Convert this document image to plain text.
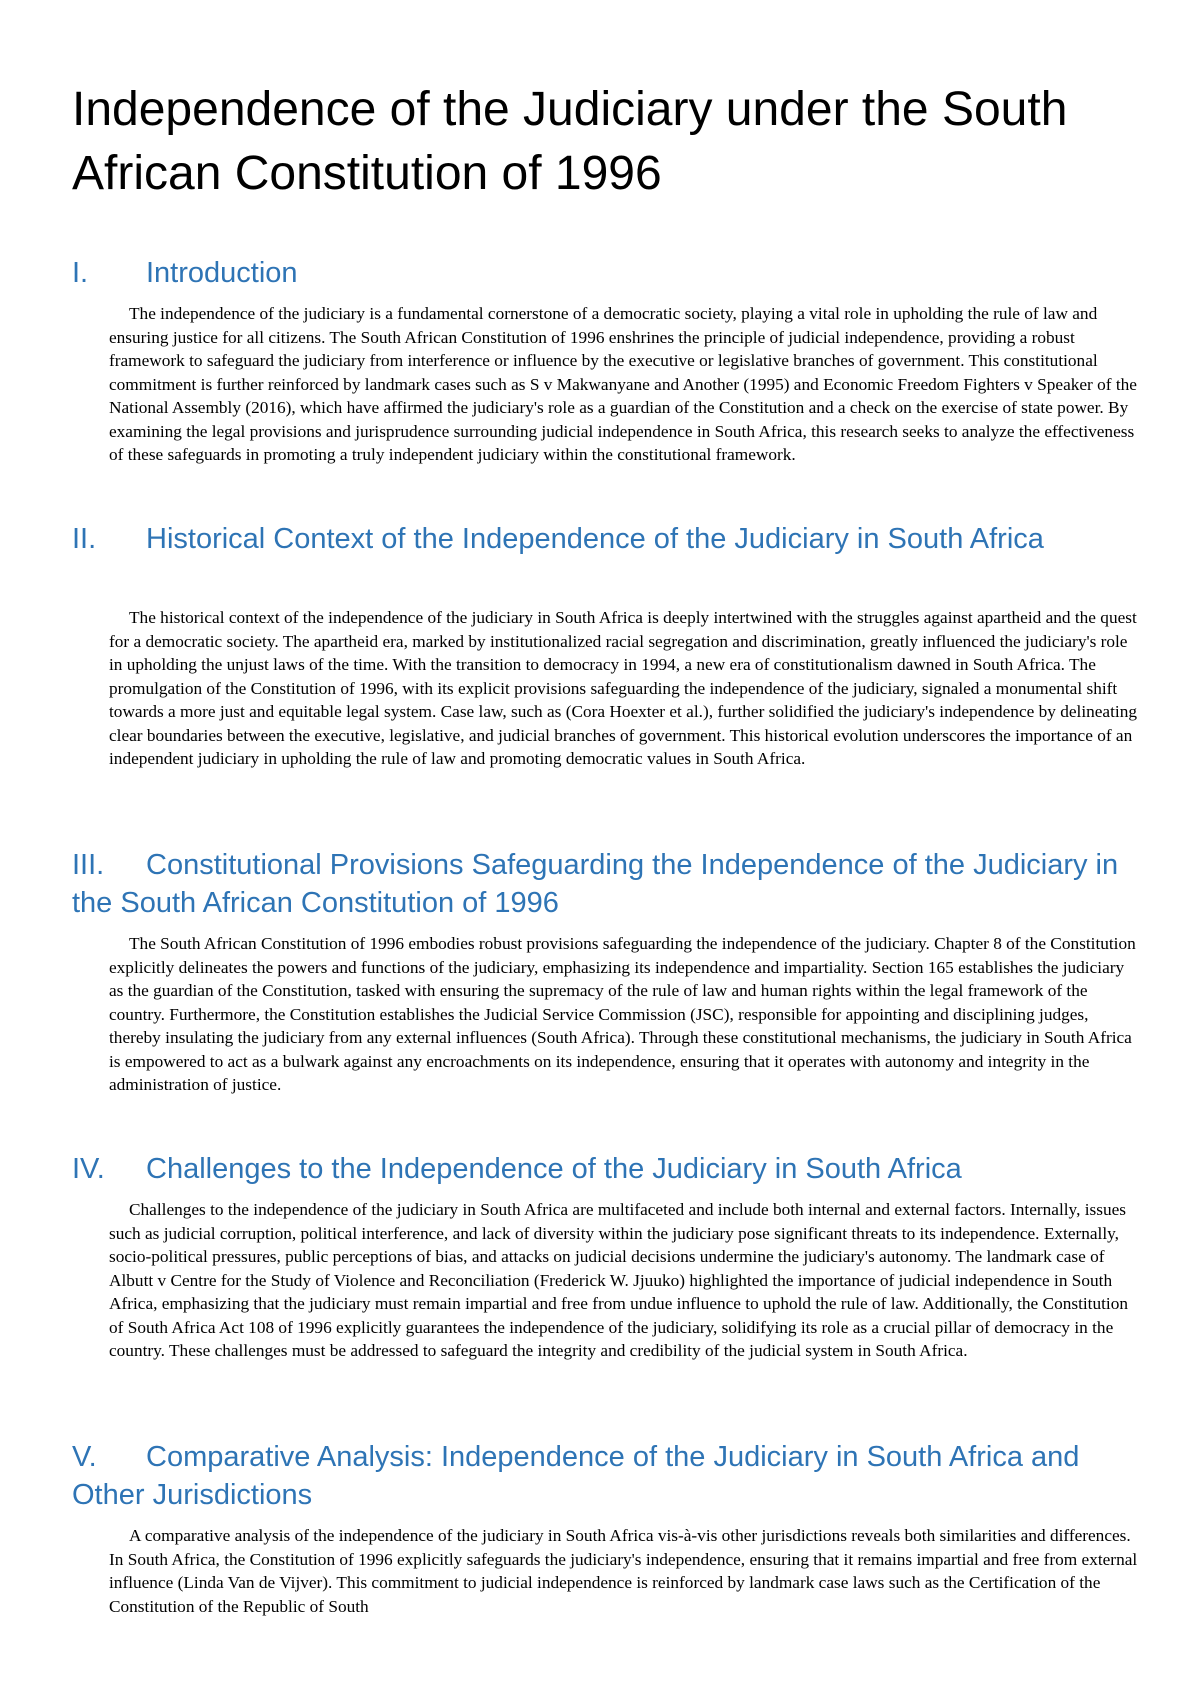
Independence of the Judiciary under the South African Constitution of 1996
I. Introduction

The independence of the judiciary is a fundamental cornerstone of a democratic society, playing a vital role in upholding the rule of law and ensuring justice for all citizens. The South African Constitution of 1996 enshrines the principle of judicial independence, providing a robust framework to safeguard the judiciary from interference or influence by the executive or legislative branches of government. This constitutional commitment is further reinforced by landmark cases such as S v Makwanyane and Another (1995) and Economic Freedom Fighters v Speaker of the National Assembly (2016), which have affirmed the judiciary's role as a guardian of the Constitution and a check on the exercise of state power. By examining the legal provisions and jurisprudence surrounding judicial independence in South Africa, this research seeks to analyze the effectiveness of these safeguards in promoting a truly independent judiciary within the constitutional framework.

II. Historical Context of the Independence of the Judiciary in South Africa

The historical context of the independence of the judiciary in South Africa is deeply intertwined with the struggles against apartheid and the quest for a democratic society. The apartheid era, marked by institutionalized racial segregation and discrimination, greatly influenced the judiciary's role in upholding the unjust laws of the time. With the transition to democracy in 1994, a new era of constitutionalism dawned in South Africa. The promulgation of the Constitution of 1996, with its explicit provisions safeguarding the independence of the judiciary, signaled a monumental shift towards a more just and equitable legal system. Case law, such as (Cora Hoexter et al.), further solidified the judiciary's independence by delineating clear boundaries between the executive, legislative, and judicial branches of government. This historical evolution underscores the importance of an independent judiciary in upholding the rule of law and promoting democratic values in South Africa.

III. Constitutional Provisions Safeguarding the Independence of the Judiciary in the South African Constitution of 1996

The South African Constitution of 1996 embodies robust provisions safeguarding the independence of the judiciary. Chapter 8 of the Constitution explicitly delineates the powers and functions of the judiciary, emphasizing its independence and impartiality. Section 165 establishes the judiciary as the guardian of the Constitution, tasked with ensuring the supremacy of the rule of law and human rights within the legal framework of the country. Furthermore, the Constitution establishes the Judicial Service Commission (JSC), responsible for appointing and disciplining judges, thereby insulating the judiciary from any external influences (South Africa). Through these constitutional mechanisms, the judiciary in South Africa is empowered to act as a bulwark against any encroachments on its independence, ensuring that it operates with autonomy and integrity in the administration of justice.

IV. Challenges to the Independence of the Judiciary in South Africa

Challenges to the independence of the judiciary in South Africa are multifaceted and include both internal and external factors. Internally, issues such as judicial corruption, political interference, and lack of diversity within the judiciary pose significant threats to its independence. Externally, socio-political pressures, public perceptions of bias, and attacks on judicial decisions undermine the judiciary's autonomy. The landmark case of Albutt v Centre for the Study of Violence and Reconciliation (Frederick W. Jjuuko) highlighted the importance of judicial independence in South Africa, emphasizing that the judiciary must remain impartial and free from undue influence to uphold the rule of law. Additionally, the Constitution of South Africa Act 108 of 1996 explicitly guarantees the independence of the judiciary, solidifying its role as a crucial pillar of democracy in the country. These challenges must be addressed to safeguard the integrity and credibility of the judicial system in South Africa.

V. Comparative Analysis: Independence of the Judiciary in South Africa and Other Jurisdictions

A comparative analysis of the independence of the judiciary in South Africa vis-à-vis other jurisdictions reveals both similarities and differences. In South Africa, the Constitution of 1996 explicitly safeguards the judiciary's independence, ensuring that it remains impartial and free from external influence (Linda Van de Vijver). This commitment to judicial independence is reinforced by landmark case laws such as the Certification of the Constitution of the Republic of South
